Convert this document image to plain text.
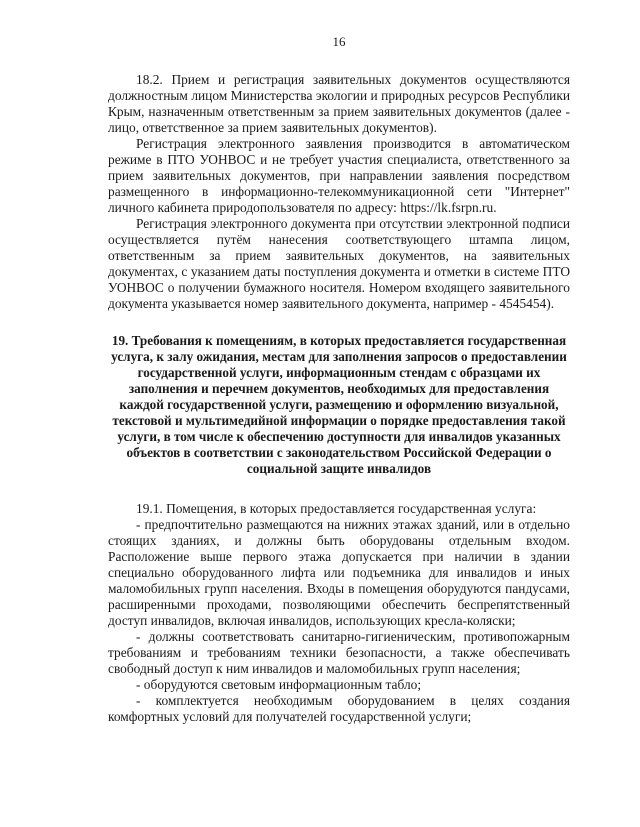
16

18.2. Прием и регистрация заявительных документов осуществляются должностным лицом Министерства экологии и природных ресурсов Республики Крым, назначенным ответственным за прием заявительных документов (далее - лицо, ответственное за прием заявительных документов).

Регистрация электронного заявления производится в автоматическом режиме в ПТО УОНВОС и не требует участия специалиста, ответственного за прием заявительных документов, при направлении заявления посредством размещенного в информационно-телекоммуникационной сети "Интернет" личного кабинета природопользователя по адресу: https://lk.fsrpn.ru.

Регистрация электронного документа при отсутствии электронной подписи осуществляется путём нанесения соответствующего штампа лицом, ответственным за прием заявительных документов, на заявительных документах, с указанием даты поступления документа и отметки в системе ПТО УОНВОС о получении бумажного носителя. Номером входящего заявительного документа указывается номер заявительного документа, например - 4545454).

19. Требования к помещениям, в которых предоставляется государственная услуга, к залу ожидания, местам для заполнения запросов о предоставлении государственной услуги, информационным стендам с образцами их заполнения и перечнем документов, необходимых для предоставления каждой государственной услуги, размещению и оформлению визуальной, текстовой и мультимедийной информации о порядке предоставления такой услуги, в том числе к обеспечению доступности для инвалидов указанных объектов в соответствии с законодательством Российской Федерации о социальной защите инвалидов

19.1. Помещения, в которых предоставляется государственная услуга:

- предпочтительно размещаются на нижних этажах зданий, или в отдельно стоящих зданиях, и должны быть оборудованы отдельным входом. Расположение выше первого этажа допускается при наличии в здании специально оборудованного лифта или подъемника для инвалидов и иных маломобильных групп населения. Входы в помещения оборудуются пандусами, расширенными проходами, позволяющими обеспечить беспрепятственный доступ инвалидов, включая инвалидов, использующих кресла-коляски;

- должны соответствовать санитарно-гигиеническим, противопожарным требованиям и требованиям техники безопасности, а также обеспечивать свободный доступ к ним инвалидов и маломобильных групп населения;

- оборудуются световым информационным табло;

- комплектуется необходимым оборудованием в целях создания комфортных условий для получателей государственной услуги;
